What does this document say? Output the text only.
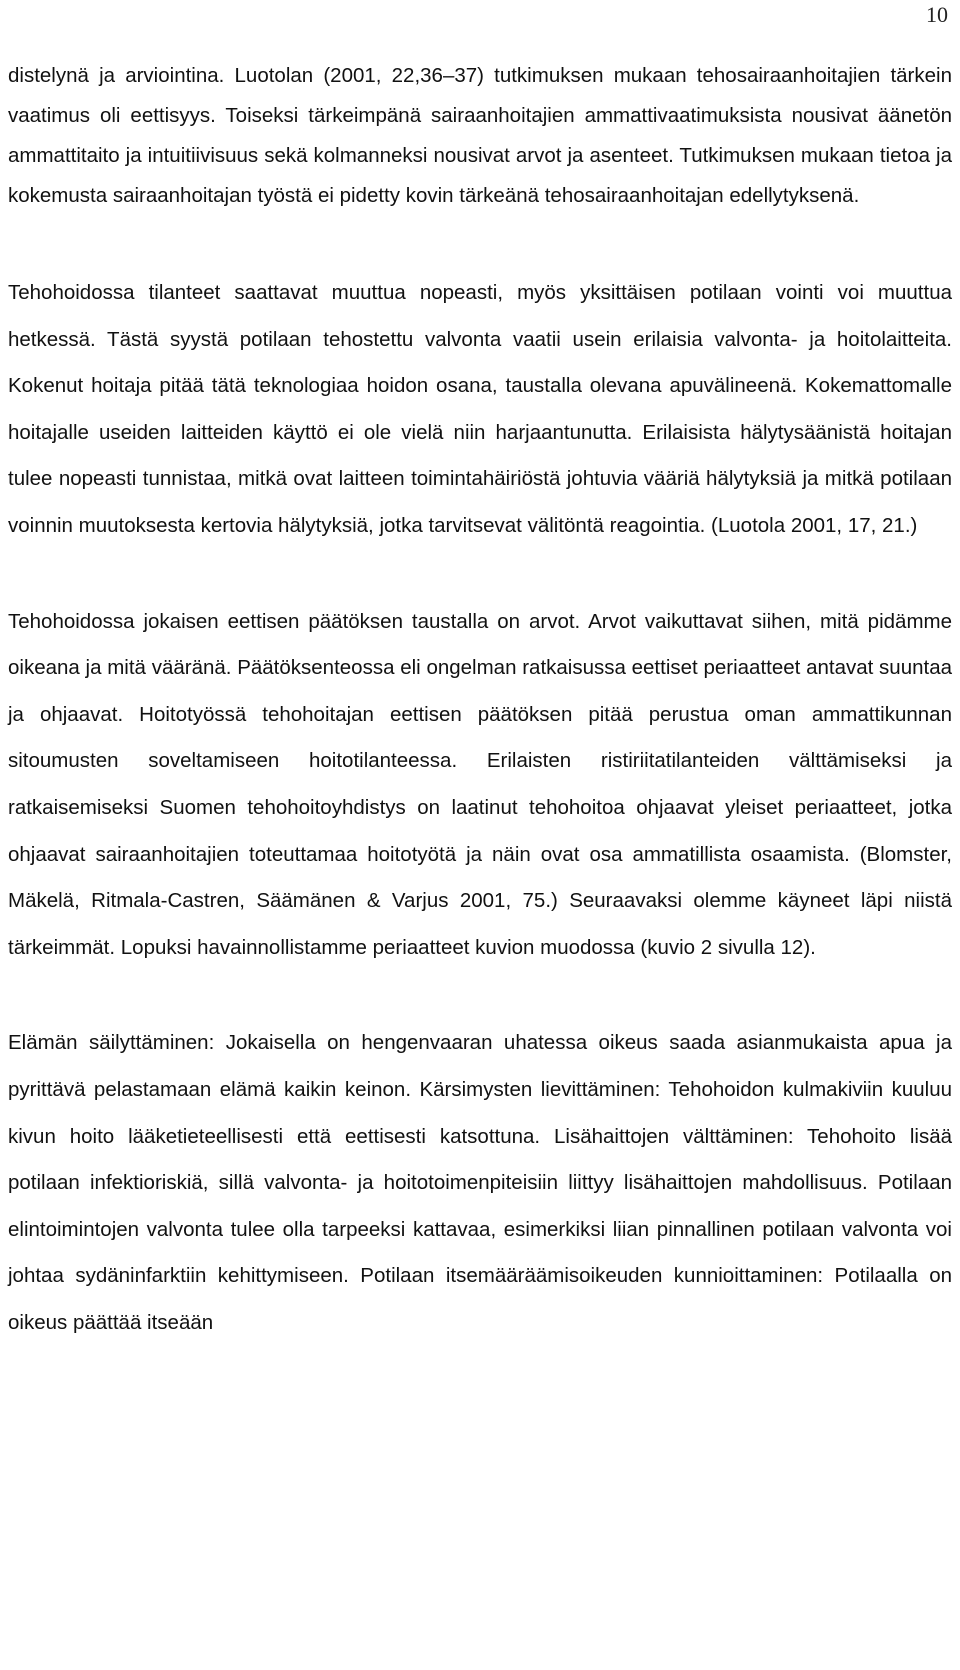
10

distelynä ja arviointina. Luotolan (2001, 22,36–37) tutkimuksen mukaan tehosairaanhoitajien tärkein vaatimus oli eettisyys. Toiseksi tärkeimpänä sairaanhoitajien ammattivaatimuksista nousivat äänetön ammattitaito ja intuitiivisuus sekä kolmanneksi nousivat arvot ja asenteet. Tutkimuksen mukaan tietoa ja kokemusta sairaanhoitajan työstä ei pidetty kovin tärkeänä tehosairaanhoitajan edellytyksenä.

Tehohoidossa tilanteet saattavat muuttua nopeasti, myös yksittäisen potilaan vointi voi muuttua hetkessä. Tästä syystä potilaan tehostettu valvonta vaatii usein erilaisia valvonta- ja hoitolaitteita. Kokenut hoitaja pitää tätä teknologiaa hoidon osana, taustalla olevana apuvälineenä. Kokemattomalle hoitajalle useiden laitteiden käyttö ei ole vielä niin harjaantunutta. Erilaisista hälytysäänistä hoitajan tulee nopeasti tunnistaa, mitkä ovat laitteen toimintahäiriöstä johtuvia vääriä hälytyksiä ja mitkä potilaan voinnin muutoksesta kertovia hälytyksiä, jotka tarvitsevat välitöntä reagointia. (Luotola 2001, 17, 21.)

Tehohoidossa jokaisen eettisen päätöksen taustalla on arvot. Arvot vaikuttavat siihen, mitä pidämme oikeana ja mitä vääränä. Päätöksenteossa eli ongelman ratkaisussa eettiset periaatteet antavat suuntaa ja ohjaavat. Hoitotyössä tehohoitajan eettisen päätöksen pitää perustua oman ammattikunnan sitoumusten soveltamiseen hoitotilanteessa. Erilaisten ristiriitatilanteiden välttämiseksi ja ratkaisemiseksi Suomen tehohoitoyhdistys on laatinut tehohoitoa ohjaavat yleiset periaatteet, jotka ohjaavat sairaanhoitajien toteuttamaa hoitotyötä ja näin ovat osa ammatillista osaamista. (Blomster, Mäkelä, Ritmala-Castren, Säämänen & Varjus 2001, 75.) Seuraavaksi olemme käyneet läpi niistä tärkeimmät. Lopuksi havainnollistamme periaatteet kuvion muodossa (kuvio 2 sivulla 12).

Elämän säilyttäminen: Jokaisella on hengenvaaran uhatessa oikeus saada asianmukaista apua ja pyrittävä pelastamaan elämä kaikin keinon. Kärsimysten lievittäminen: Tehohoidon kulmakiviin kuuluu kivun hoito lääketieteellisesti että eettisesti katsottuna. Lisähaittojen välttäminen: Tehohoito lisää potilaan infektioriskiä, sillä valvonta- ja hoitotoimenpiteisiin liittyy lisähaittojen mahdollisuus. Potilaan elintoimintojen valvonta tulee olla tarpeeksi kattavaa, esimerkiksi liian pinnallinen potilaan valvonta voi johtaa sydäninfarktiin kehittymiseen. Potilaan itsemääräämisoikeuden kunnioittaminen: Potilaalla on oikeus päättää itseään
